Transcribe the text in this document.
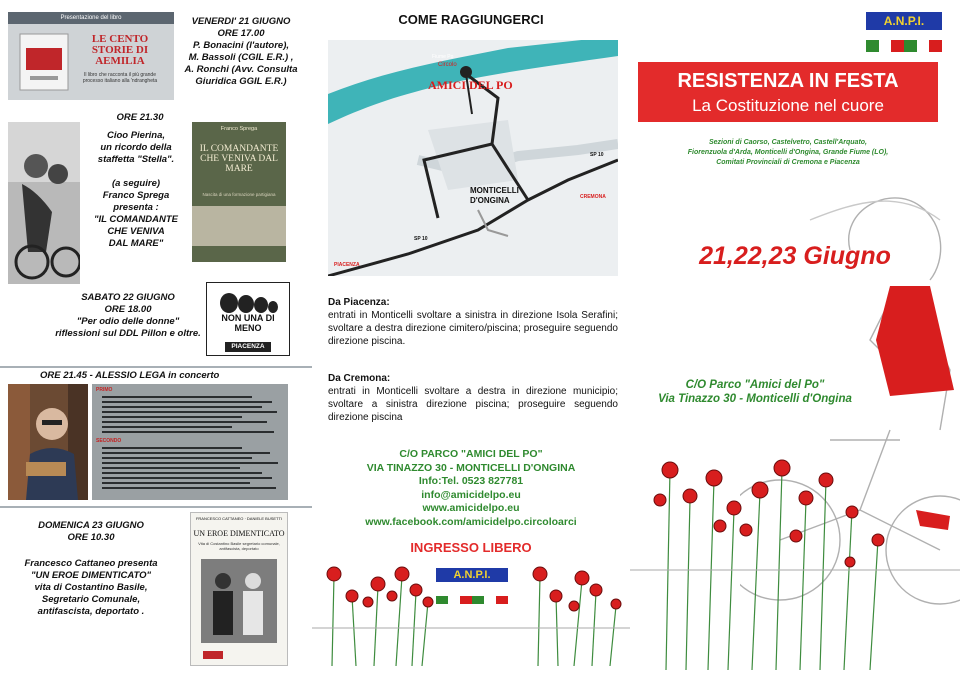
Presentazione del libro
LE CENTO STORIE DI AEMILIA
Il libro che racconta il più grande processo italiano alla 'ndrangheta
VENERDI' 21 GIUGNO
ORE 17.00
P. Bonacini (l'autore),
M. Bassoli (CGIL E.R.) ,
A. Ronchi (Avv. Consulta
Giuridica GGIL E.R.)
ORE 21.30
Cioo Pierina,
un ricordo della
staffetta "Stella".
(a seguire)
Franco Sprega
presenta :
"IL COMANDANTE
CHE VENIVA
DAL MARE"
Franco Sprega
IL COMANDANTE CHE VENIVA DAL MARE
Nascita di una formazione partigiana
SABATO 22 GIUGNO
ORE 18.00
"Per odio delle donne"
riflessioni sul DDL Pillon e oltre.
NON UNA DI MENO
PIACENZA
ORE 21.45 - ALESSIO LEGA in concerto
PRIMO
SECONDO
DOMENICA 23 GIUGNO
ORE 10.30
Francesco Cattaneo presenta
"UN EROE DIMENTICATO"
vita di Costantino Basile,
Segretario Comunale,
antifascista, deportato .
FRANCESCO CATTANEO · DANIELE BUSETTI
UN EROE DIMENTICATO
Vita di Costantino Basile segretario comunale, antifascista, deportato
COME RAGGIUNGERCI
Fiume Po
Circolo
AMICI DEL PO
MONTICELLI D'ONGINA
PIACENZA
CREMONA
SP 10
SP 10
Da Piacenza:
entrati in Monticelli svoltare a sinistra in direzione Isola Serafini; svoltare a destra direzione cimitero/piscina; proseguire seguendo direzione piscina.
Da Cremona:
entrati in Monticelli svoltare a destra in direzione municipio; svoltare a sinistra direzione piscina; proseguire seguendo direzione piscina
C/O PARCO "AMICI DEL PO"
VIA TINAZZO 30 - MONTICELLI D'ONGINA
Info:Tel. 0523 827781
info@amicidelpo.eu
www.amicidelpo.eu
www.facebook.com/amicidelpo.circoloarci
INGRESSO LIBERO
A.N.P.I.
A.N.P.I.
RESISTENZA IN FESTA
La Costituzione nel cuore
Sezioni di Caorso, Castelvetro, Castell'Arquato,
Fiorenzuola d'Arda, Monticelli d'Ongina, Grande Fiume (LO),
Comitati Provinciali di Cremona e Piacenza
21,22,23 Giugno
C/O Parco "Amici del Po"
Via Tinazzo 30 - Monticelli d'Ongina
